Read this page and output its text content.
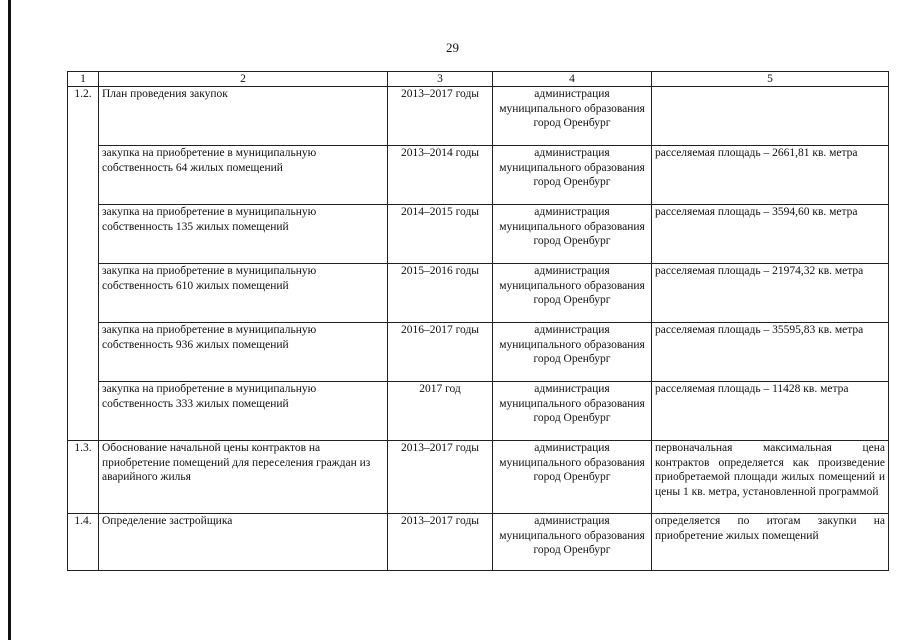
29
1	2	3	4	5
1.2.	План проведения закупок	2013–2017 годы	администрация муниципального образования город Оренбург	
	закупка на приобретение в муниципальную собственность 64 жилых помещений	2013–2014 годы	администрация муниципального образования город Оренбург	расселяемая площадь – 2661,81 кв. метра
	закупка на приобретение в муниципальную собственность 135 жилых помещений	2014–2015 годы	администрация муниципального образования город Оренбург	расселяемая площадь – 3594,60 кв. метра
	закупка на приобретение в муниципальную собственность 610 жилых помещений	2015–2016 годы	администрация муниципального образования город Оренбург	расселяемая площадь – 21974,32 кв. метра
	закупка на приобретение в муниципальную собственность 936 жилых помещений	2016–2017 годы	администрация муниципального образования город Оренбург	расселяемая площадь – 35595,83 кв. метра
	закупка на приобретение в муниципальную собственность 333 жилых помещений	2017 год	администрация муниципального образования город Оренбург	расселяемая площадь – 11428 кв. метра
1.3.	Обоснование начальной цены контрактов на приобретение помещений для переселения граждан из аварийного жилья	2013–2017 годы	администрация муниципального образования город Оренбург	первоначальная максимальная цена контрактов определяется как произведение приобретаемой площади жилых помещений и цены 1 кв. метра, установленной программой
1.4.	Определение застройщика	2013–2017 годы	администрация муниципального образования город Оренбург	определяется по итогам закупки на приобретение жилых помещений
